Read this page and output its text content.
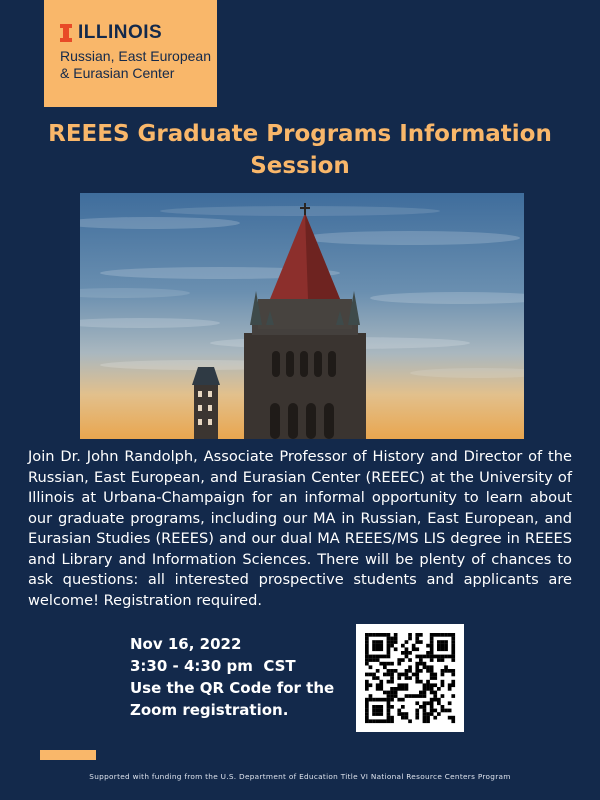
ILLINOIS
Russian, East European
& Eurasian Center
REEES Graduate Programs Information
Session
Join Dr. John Randolph, Associate Professor of History and Director of the Russian, East European, and Eurasian Center (REEEC) at the University of Illinois at Urbana-Champaign for an informal opportunity to learn about our graduate programs, including our MA in Russian, East European, and Eurasian Studies (REEES) and our dual MA REEES/MS LIS degree in REEES and Library and Information Sciences. There will be plenty of chances to ask questions: all interested prospective students and applicants are welcome! Registration required.
Nov 16, 2022
3:30 - 4:30 pm  CST
Use the QR Code for the
Zoom registration.
Supported with funding from the U.S. Department of Education Title VI National Resource Centers Program
